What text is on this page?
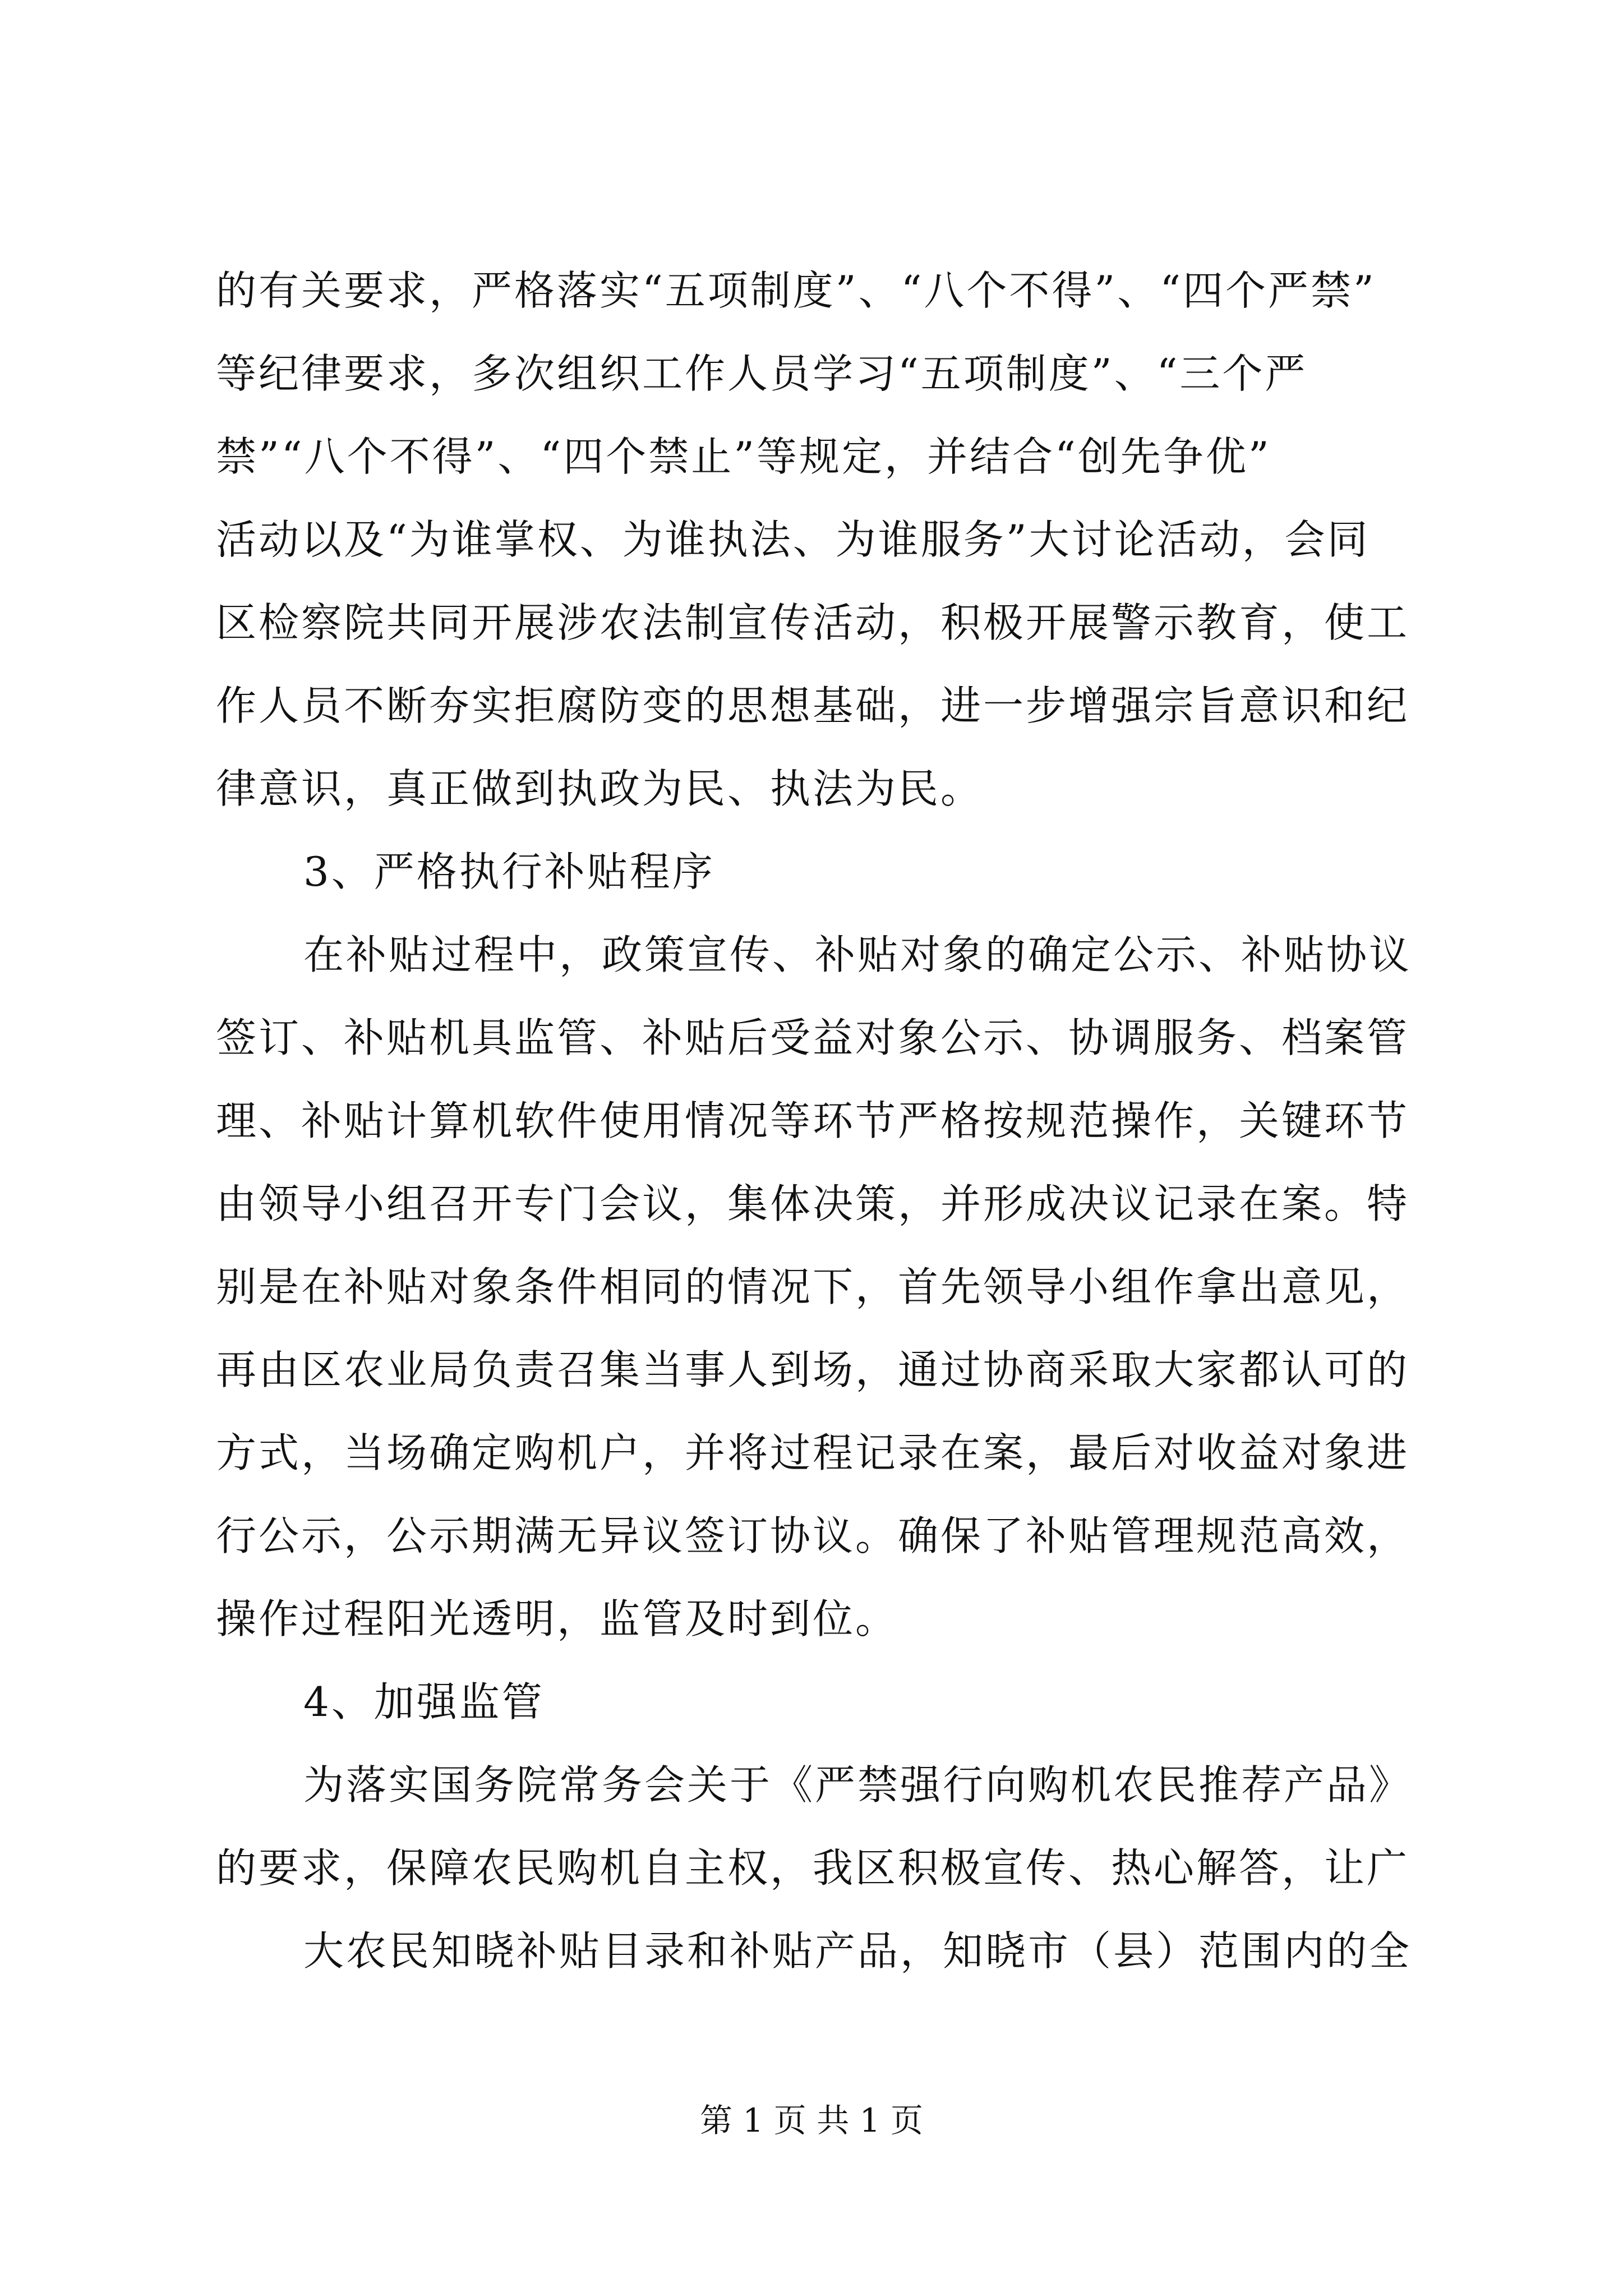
的有关要求，严格落实“五项制度”、“八个不得”、“四个严禁”
等纪律要求，多次组织工作人员学习“五项制度”、“三个严
禁”“八个不得”、“四个禁止”等规定，并结合“创先争优”
活动以及“为谁掌权、为谁执法、为谁服务”大讨论活动，会同
区检察院共同开展涉农法制宣传活动，积极开展警示教育，使工
作人员不断夯实拒腐防变的思想基础，进一步增强宗旨意识和纪
律意识，真正做到执政为民、执法为民。
3、严格执行补贴程序
在补贴过程中，政策宣传、补贴对象的确定公示、补贴协议
签订、补贴机具监管、补贴后受益对象公示、协调服务、档案管
理、补贴计算机软件使用情况等环节严格按规范操作，关键环节
由领导小组召开专门会议，集体决策，并形成决议记录在案。特
别是在补贴对象条件相同的情况下，首先领导小组作拿出意见，
再由区农业局负责召集当事人到场，通过协商采取大家都认可的
方式，当场确定购机户，并将过程记录在案，最后对收益对象进
行公示，公示期满无异议签订协议。确保了补贴管理规范高效，
操作过程阳光透明，监管及时到位。
4、加强监管
为落实国务院常务会关于《严禁强行向购机农民推荐产品》
的要求，保障农民购机自主权，我区积极宣传、热心解答，让广
大农民知晓补贴目录和补贴产品，知晓市（县）范围内的全
第 1 页 共 1 页
